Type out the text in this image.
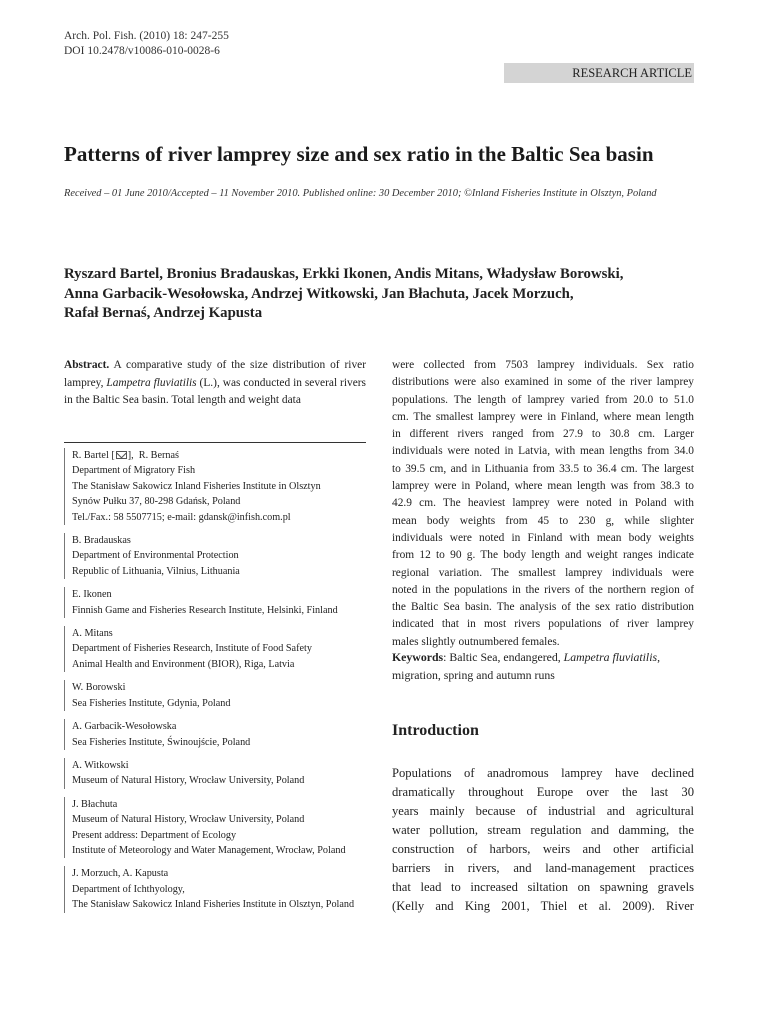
Arch. Pol. Fish. (2010) 18: 247-255
DOI 10.2478/v10086-010-0028-6
RESEARCH ARTICLE
Patterns of river lamprey size and sex ratio in the Baltic Sea basin
Received – 01 June 2010/Accepted – 11 November 2010. Published online: 30 December 2010; ©Inland Fisheries Institute in Olsztyn, Poland
Ryszard Bartel, Bronius Bradauskas, Erkki Ikonen, Andis Mitans, Władysław Borowski,
Anna Garbacik-Wesołowska, Andrzej Witkowski, Jan Błachuta, Jacek Morzuch,
Rafał Bernaś, Andrzej Kapusta
Abstract. A comparative study of the size distribution of river lamprey, Lampetra fluviatilis (L.), was conducted in several rivers in the Baltic Sea basin. Total length and weight data
R. Bartel [ ],  R. Bernaś
Department of Migratory Fish
The Stanisław Sakowicz Inland Fisheries Institute in Olsztyn
Synów Pułku 37, 80-298 Gdańsk, Poland
Tel./Fax.: 58 5507715; e-mail: gdansk@infish.com.pl
B. Bradauskas
Department of Environmental Protection
Republic of Lithuania, Vilnius, Lithuania
E. Ikonen
Finnish Game and Fisheries Research Institute, Helsinki, Finland
A. Mitans
Department of Fisheries Research, Institute of Food Safety
Animal Health and Environment (BIOR), Riga, Latvia
W. Borowski
Sea Fisheries Institute, Gdynia, Poland
A. Garbacik-Wesołowska
Sea Fisheries Institute, Świnoujście, Poland
A. Witkowski
Museum of Natural History, Wrocław University, Poland
J. Błachuta
Museum of Natural History, Wrocław University, Poland
Present address: Department of Ecology
Institute of Meteorology and Water Management, Wrocław, Poland
J. Morzuch, A. Kapusta
Department of Ichthyology,
The Stanisław Sakowicz Inland Fisheries Institute in Olsztyn, Poland
were collected from 7503 lamprey individuals. Sex ratio
distributions were also examined in some of the river lamprey
populations. The length of lamprey varied from 20.0 to 51.0
cm. The smallest lamprey were in Finland, where mean length
in different rivers ranged from 27.9 to 30.8 cm. Larger
individuals were noted in Latvia, with mean lengths from 34.0
to 39.5 cm, and in Lithuania from 33.5 to 36.4 cm. The largest
lamprey were in Poland, where mean length was from 38.3 to
42.9 cm. The heaviest lamprey were noted in Poland with
mean body weights from 45 to 230 g, while slighter
individuals were noted in Finland with mean body weights
from 12 to 90 g. The body length and weight ranges indicate
regional variation. The smallest lamprey individuals were
noted in the populations in the rivers of the northern region of
the Baltic Sea basin. The analysis of the sex ratio distribution
indicated that in most rivers populations of river lamprey
males slightly outnumbered females.
Keywords: Baltic Sea, endangered, Lampetra fluviatilis,
migration, spring and autumn runs
Introduction
Populations of anadromous lamprey have declined
dramatically throughout Europe over the last 30
years mainly because of industrial and agricultural
water pollution, stream regulation and damming, the
construction of harbors, weirs and other artificial
barriers in rivers, and land-management practices
that lead to increased siltation on spawning gravels
(Kelly and King 2001, Thiel et al. 2009). River
